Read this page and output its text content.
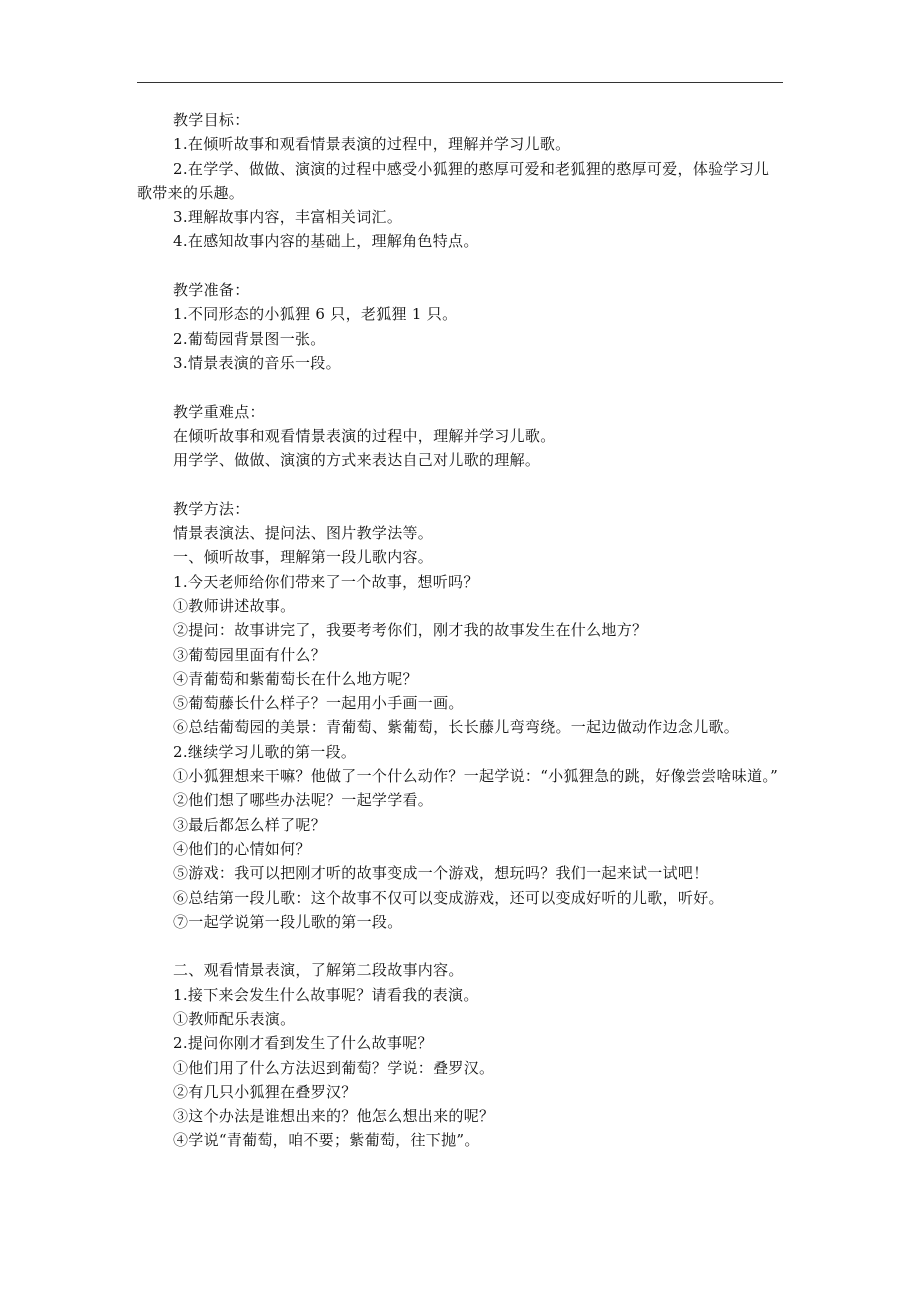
教学目标：

1.在倾听故事和观看情景表演的过程中，理解并学习儿歌。

2.在学学、做做、演演的过程中感受小狐狸的憨厚可爱和老狐狸的憨厚可爱，体验学习儿歌带来的乐趣。

3.理解故事内容，丰富相关词汇。

4.在感知故事内容的基础上，理解角色特点。

教学准备：

1.不同形态的小狐狸 6 只，老狐狸 1 只。

2.葡萄园背景图一张。

3.情景表演的音乐一段。

教学重难点：

在倾听故事和观看情景表演的过程中，理解并学习儿歌。

用学学、做做、演演的方式来表达自己对儿歌的理解。

教学方法：

情景表演法、提问法、图片教学法等。

一、倾听故事，理解第一段儿歌内容。

1.今天老师给你们带来了一个故事，想听吗？

①教师讲述故事。

②提问：故事讲完了，我要考考你们，刚才我的故事发生在什么地方？

③葡萄园里面有什么？

④青葡萄和紫葡萄长在什么地方呢？

⑤葡萄藤长什么样子？一起用小手画一画。

⑥总结葡萄园的美景：青葡萄、紫葡萄，长长藤儿弯弯绕。一起边做动作边念儿歌。

2.继续学习儿歌的第一段。

①小狐狸想来干嘛？他做了一个什么动作？一起学说：“小狐狸急的跳，好像尝尝啥味道。”

②他们想了哪些办法呢？一起学学看。

③最后都怎么样了呢？

④他们的心情如何？

⑤游戏：我可以把刚才听的故事变成一个游戏，想玩吗？我们一起来试一试吧！

⑥总结第一段儿歌：这个故事不仅可以变成游戏，还可以变成好听的儿歌，听好。

⑦一起学说第一段儿歌的第一段。

二、观看情景表演，了解第二段故事内容。

1.接下来会发生什么故事呢？请看我的表演。

①教师配乐表演。

2.提问你刚才看到发生了什么故事呢？

①他们用了什么方法迟到葡萄？学说：叠罗汉。

②有几只小狐狸在叠罗汉？

③这个办法是谁想出来的？他怎么想出来的呢？

④学说“青葡萄，咱不要；紫葡萄，往下抛”。
